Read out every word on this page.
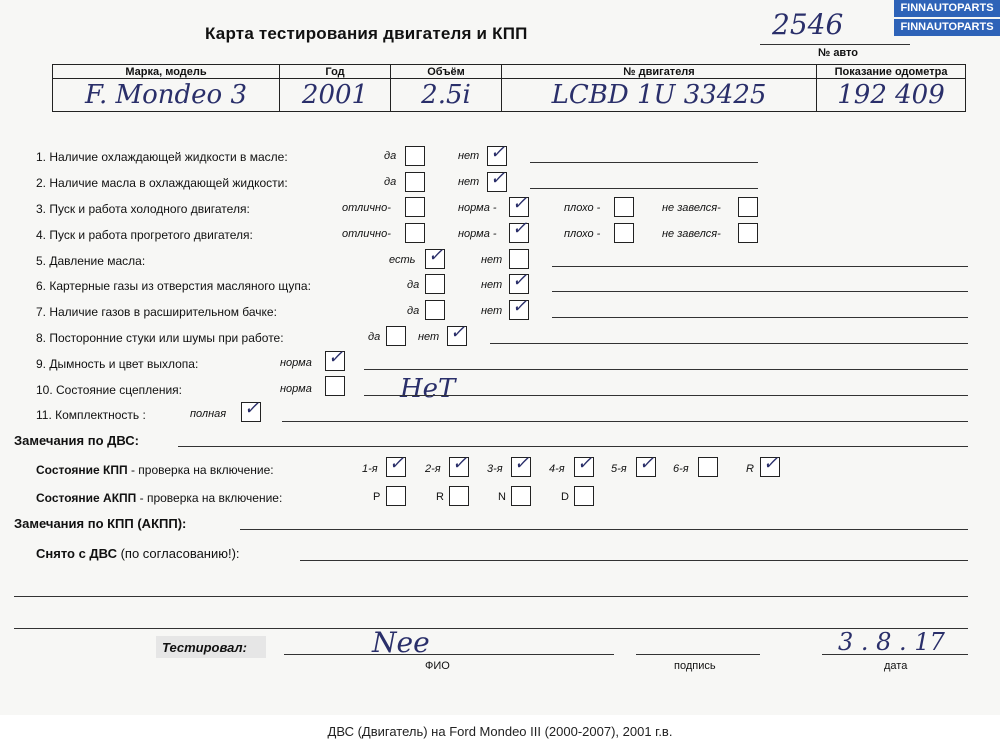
FINNAUTOPARTS
FINNAUTOPARTS
Карта тестирования двигателя и КПП	2546
№ авто
Марка, модель	Год	Объём	№ двигателя	Показание одометра
F. Mondeo 3	2001	2.5i	LCBD 1U 33425	192 409
1. Наличие охлаждающей жидкости в масле:	да	нет ✓
2. Наличие масла в охлаждающей жидкости:	да	нет ✓
3. Пуск и работа холодного двигателя:	отлично-	норма - ✓	плохо -	не завелся-
4. Пуск и работа прогретого двигателя:	отлично-	норма - ✓	плохо -	не завелся-
5. Давление масла:	есть ✓	нет
6. Картерные газы из отверстия масляного щупа:	да	нет ✓
7. Наличие газов в расширительном бачке:	да	нет ✓
8. Посторонние стуки или шумы при работе:	да	нет ✓
9. Дымность и цвет выхлопа:	норма ✓
10. Состояние сцепления:	норма	НеТ
11. Комплектность :	полная ✓
Замечания по ДВС:
Состояние КПП - проверка на включение:	1-я ✓ 2-я ✓ 3-я ✓ 4-я ✓ 5-я ✓ 6-я	R ✓
Состояние АКПП - проверка на включение:	P	R	N	D
Замечания по КПП (АКПП):
Снято с ДВС (по согласованию!):
Тестировал:	Nee	3 . 8 . 17
ФИО	подпись	дата
ДВС (Двигатель) на Ford Mondeo III (2000-2007), 2001 г.в.
